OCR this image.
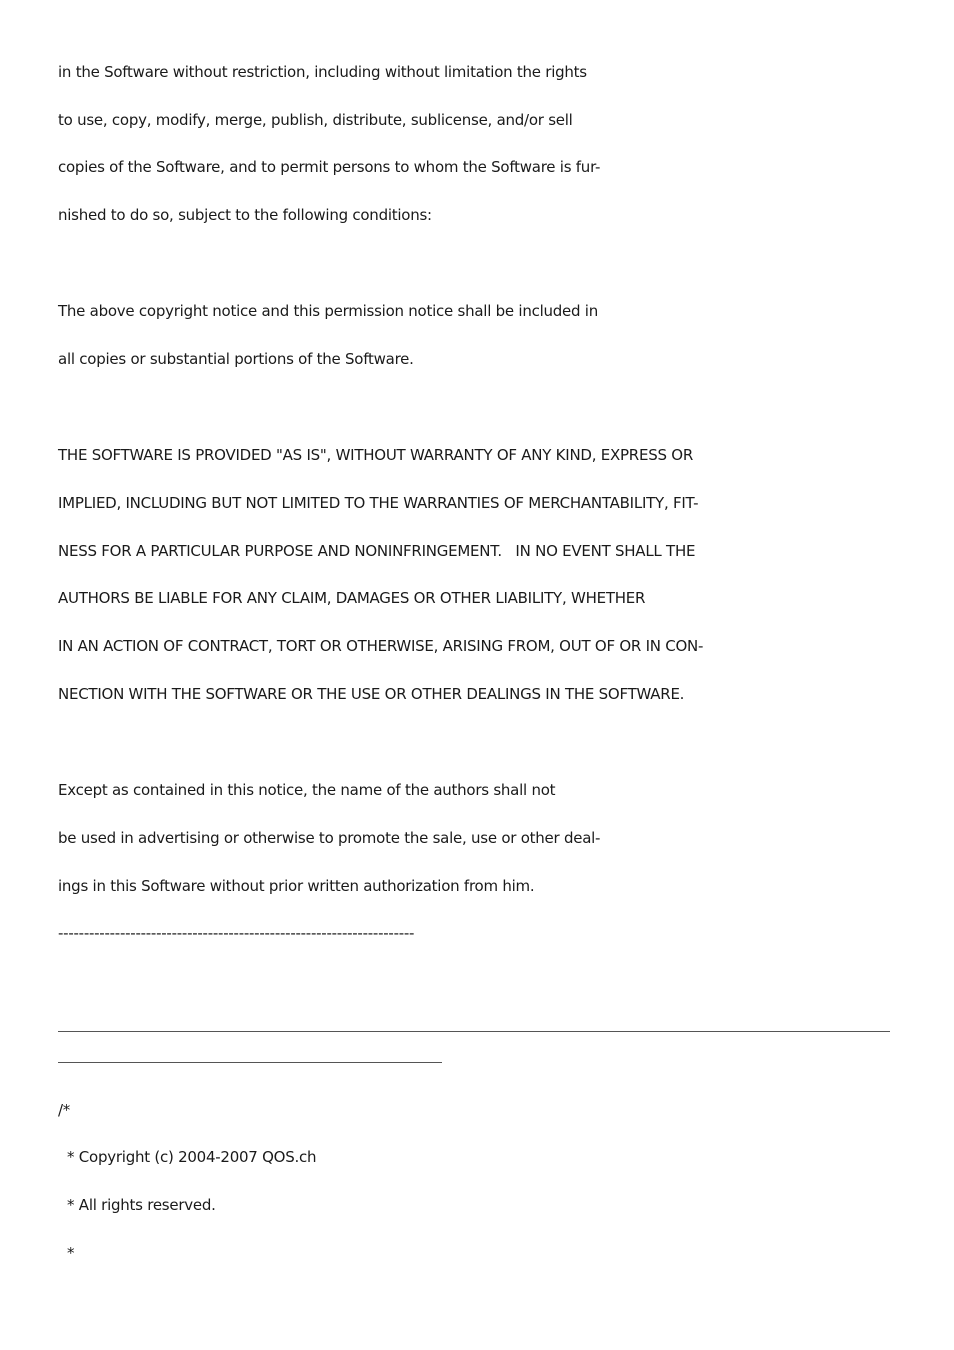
in the Software without restriction, including without limitation the rights
to use, copy, modify, merge, publish, distribute, sublicense, and/or sell
copies of the Software, and to permit persons to whom the Software is fur-
nished to do so, subject to the following conditions:
The above copyright notice and this permission notice shall be included in
all copies or substantial portions of the Software.
THE SOFTWARE IS PROVIDED "AS IS", WITHOUT WARRANTY OF ANY KIND, EXPRESS OR
IMPLIED, INCLUDING BUT NOT LIMITED TO THE WARRANTIES OF MERCHANTABILITY, FIT-
NESS FOR A PARTICULAR PURPOSE AND NONINFRINGEMENT.   IN NO EVENT SHALL THE
AUTHORS BE LIABLE FOR ANY CLAIM, DAMAGES OR OTHER LIABILITY, WHETHER
IN AN ACTION OF CONTRACT, TORT OR OTHERWISE, ARISING FROM, OUT OF OR IN CON-
NECTION WITH THE SOFTWARE OR THE USE OR OTHER DEALINGS IN THE SOFTWARE.
Except as contained in this notice, the name of the authors shall not
be used in advertising or otherwise to promote the sale, use or other deal-
ings in this Software without prior written authorization from him.
---------------------------------------------------------------------
/*
* Copyright (c) 2004-2007 QOS.ch
* All rights reserved.
*
